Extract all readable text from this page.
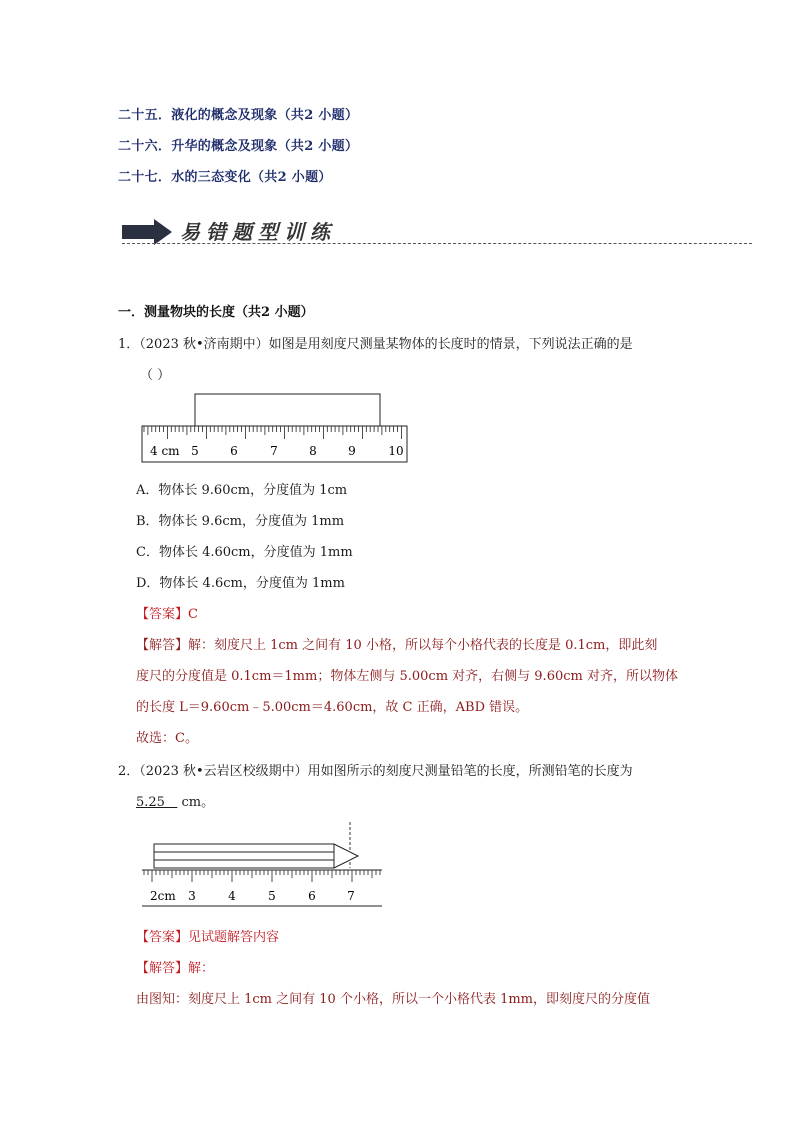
二十五．液化的概念及现象（共2 小题）
二十六．升华的概念及现象（共2 小题）
二十七．水的三态变化（共2 小题）
易错题型训练
一．测量物块的长度（共2 小题）
1．（2023 秋•济南期中）如图是用刻度尺测量某物体的长度时的情景，下列说法正确的是
（ ）
4 cm 5	6	7	8	9	10
A．物体长 9.60cm，分度值为 1cm
B．物体长 9.6cm，分度值为 1mm
C．物体长 4.60cm，分度值为 1mm
D．物体长 4.6cm，分度值为 1mm
【答案】C
【解答】解：刻度尺上 1cm 之间有 10 小格，所以每个小格代表的长度是 0.1cm，即此刻
度尺的分度值是 0.1cm＝1mm；物体左侧与 5.00cm 对齐，右侧与 9.60cm 对齐，所以物体
的长度 L＝9.60cm﹣5.00cm＝4.60cm，故 C 正确，ABD 错误。
故选：C。
2．（2023 秋•云岩区校级期中）用如图所示的刻度尺测量铅笔的长度，所测铅笔的长度为
5.25 cm。
2cm 3	4	5	6	7
【答案】见试题解答内容
【解答】解：
由图知：刻度尺上 1cm 之间有 10 个小格，所以一个小格代表 1mm，即刻度尺的分度值
